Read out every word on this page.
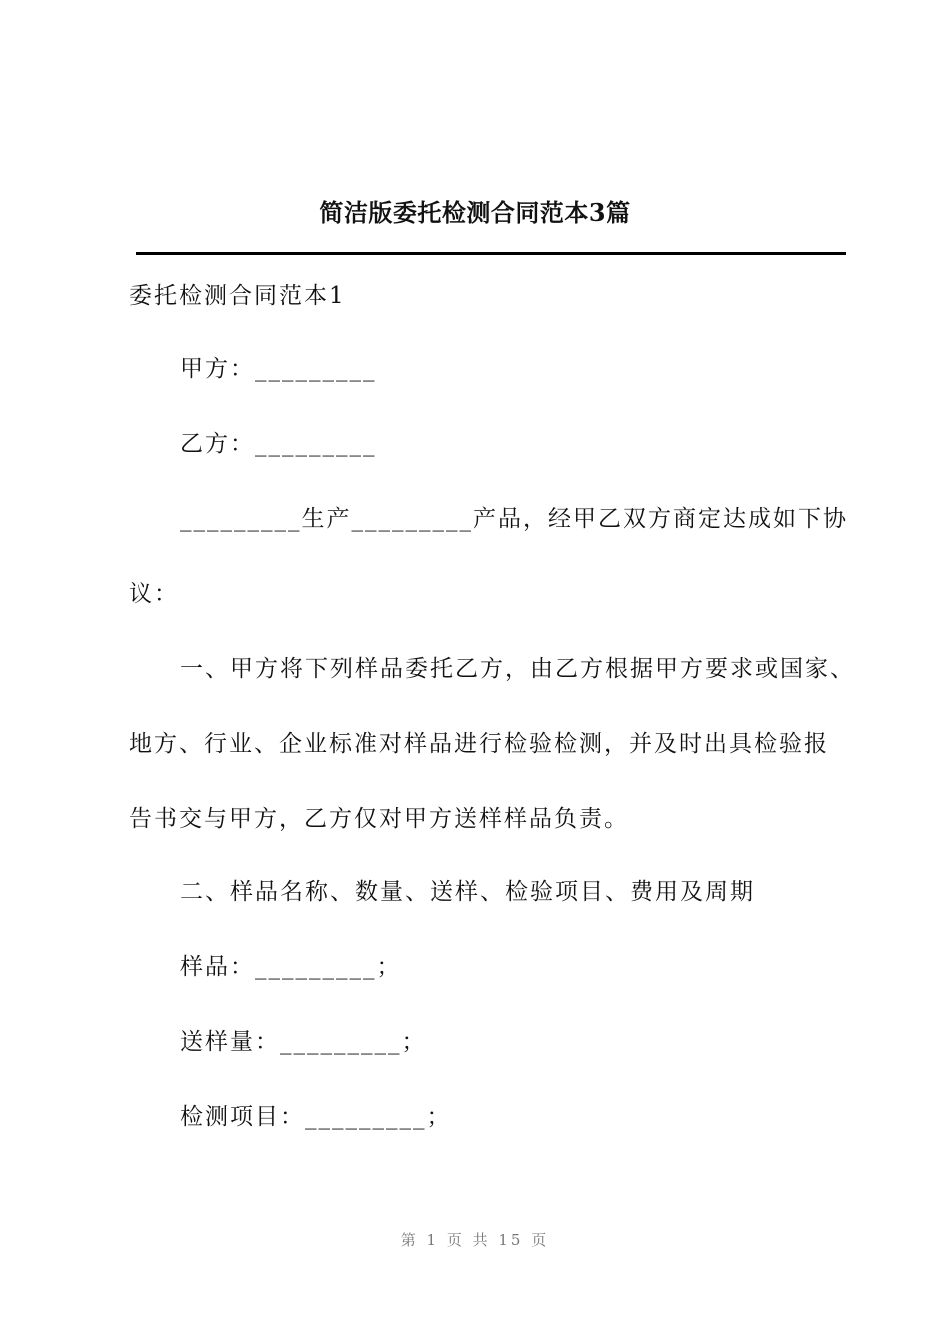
简洁版委托检测合同范本3篇
委托检测合同范本1
甲方：_________
乙方：_________
_________生产_________产品，经甲乙双方商定达成如下协
议：
一、甲方将下列样品委托乙方，由乙方根据甲方要求或国家、
地方、行业、企业标准对样品进行检验检测，并及时出具检验报
告书交与甲方，乙方仅对甲方送样样品负责。
二、样品名称、数量、送样、检验项目、费用及周期
样品：_________；
送样量：_________；
检测项目：_________；
第 1 页 共 15 页
